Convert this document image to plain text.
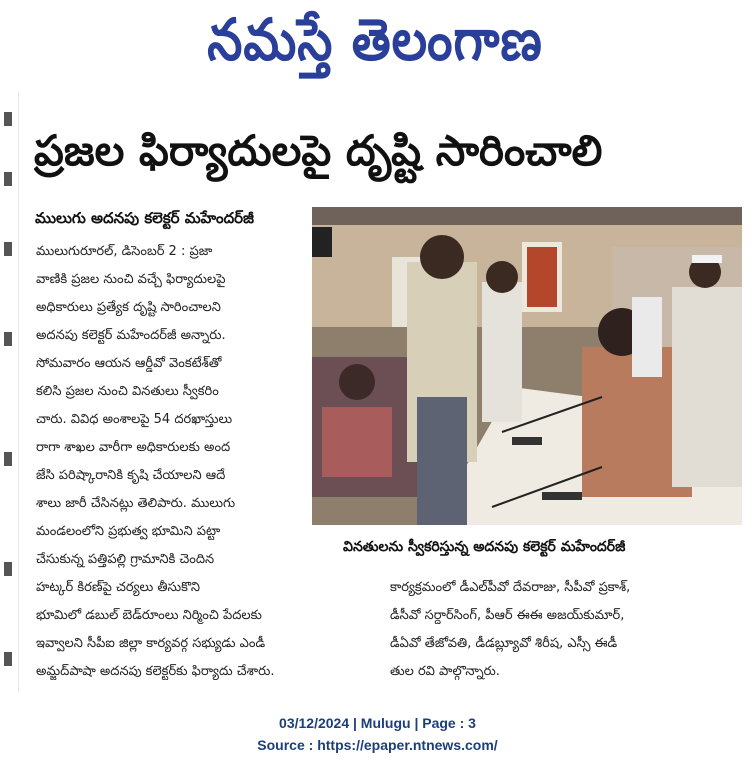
నమస్తే తెలంగాణ
ప్రజల ఫిర్యాదులపై దృష్టి సారించాలి
ములుగు అదనపు కలెక్టర్ మహేందర్‌జీ
ములుగురూరల్, డిసెంబర్ 2 : ప్రజా
వాణికి ప్రజల నుంచి వచ్చే ఫిర్యాదులపై
అధికారులు ప్రత్యేక దృష్టి సారించాలని
అదనపు కలెక్టర్ మహేందర్‌జీ అన్నారు.
సోమవారం ఆయన ఆర్డీవో వెంకటేశ్‌తో
కలిసి ప్రజల నుంచి వినతులు స్వీకరిం
చారు. వివిధ అంశాలపై 54 దరఖాస్తులు
రాగా శాఖల వారీగా అధికారులకు అంద
జేసి పరిష్కారానికి కృషి చేయాలని ఆదే
శాలు జారీ చేసినట్లు తెలిపారు. ములుగు
మండలంలోని ప్రభుత్వ భూమిని పట్టా
చేసుకున్న పత్తిపల్లి గ్రామానికి చెందిన
వినతులను స్వీకరిస్తున్న అదనపు కలెక్టర్ మహేందర్‌జీ
హట్కర్ కిరణ్‌పై చర్యలు తీసుకొని
భూమిలో డబుల్ బెడ్‌రూంలు నిర్మించి పేదలకు
ఇవ్వాలని సీపీఐ జిల్లా కార్యవర్గ సభ్యుడు ఎండీ
అమ్జద్‌పాషా అదనపు కలెక్టర్‌కు ఫిర్యాదు చేశారు.
కార్యక్రమంలో డీఎల్‌పీవో దేవరాజు, సీపీవో ప్రకాశ్,
డీసీవో సర్దార్‌సింగ్, పీఆర్ ఈఈ అజయ్‌కుమార్,
డీఏవో తేజోవతి, డీడబ్ల్యూవో శిరీష, ఎస్సీ ఈడీ
తుల రవి పాల్గొన్నారు.
03/12/2024 | Mulugu | Page : 3
Source : https://epaper.ntnews.com/
